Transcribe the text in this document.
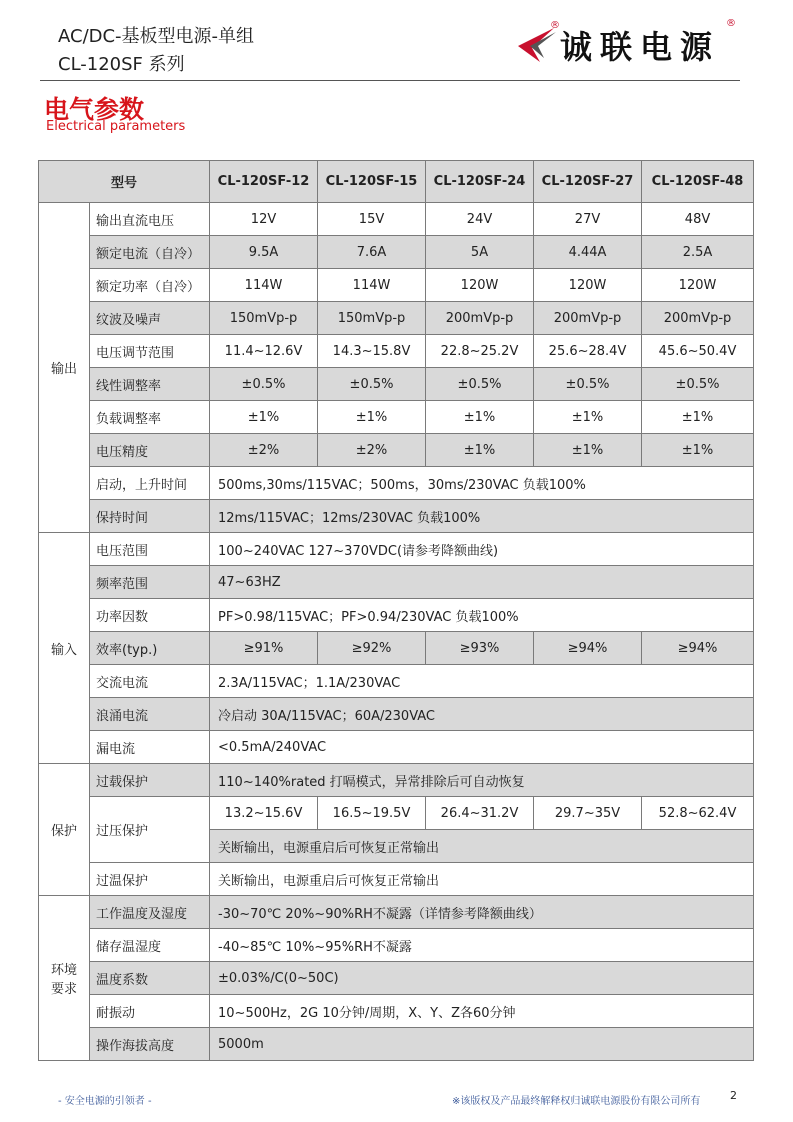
AC/DC-基板型电源-单组
CL-120SF 系列
®
诚联电源
®
电气参数
Electrical parameters
型号		CL-120SF-12	CL-120SF-15	CL-120SF-24	CL-120SF-27	CL-120SF-48
输出	输出直流电压	12V	15V	24V	27V	48V
	额定电流（自冷）	9.5A	7.6A	5A	4.44A	2.5A
	额定功率（自冷）	114W	114W	120W	120W	120W
	纹波及噪声	150mVp-p	150mVp-p	200mVp-p	200mVp-p	200mVp-p
	电压调节范围	11.4~12.6V	14.3~15.8V	22.8~25.2V	25.6~28.4V	45.6~50.4V
	线性调整率	±0.5%	±0.5%	±0.5%	±0.5%	±0.5%
	负载调整率	±1%	±1%	±1%	±1%	±1%
	电压精度	±2%	±2%	±1%	±1%	±1%
	启动，上升时间	500ms,30ms/115VAC；500ms，30ms/230VAC 负载100%				
	保持时间	12ms/115VAC；12ms/230VAC 负载100%				
输入	电压范围	100~240VAC 127~370VDC(请参考降额曲线)				
	频率范围	47~63HZ				
	功率因数	PF>0.98/115VAC；PF>0.94/230VAC 负载100%				
	效率(typ.)	≥91%	≥92%	≥93%	≥94%	≥94%
	交流电流	2.3A/115VAC；1.1A/230VAC				
	浪涌电流	冷启动 30A/115VAC；60A/230VAC				
	漏电流	<0.5mA/240VAC				
保护	过载保护	110~140%rated 打嗝模式，异常排除后可自动恢复				
	过压保护	13.2~15.6V	16.5~19.5V	26.4~31.2V	29.7~35V	52.8~62.4V
		关断输出，电源重启后可恢复正常输出				
	过温保护	关断输出，电源重启后可恢复正常输出				
环境
要求	工作温度及湿度	-30~70℃ 20%~90%RH不凝露（详情参考降额曲线）				
	储存温湿度	-40~85℃ 10%~95%RH不凝露				
	温度系数	±0.03%/C(0~50C)				
	耐振动	10~500Hz，2G 10分钟/周期，X、Y、Z各60分钟				
	操作海拔高度	5000m				
- 安全电源的引领者 -	※该版权及产品最终解释权归诚联电源股份有限公司所有	2
